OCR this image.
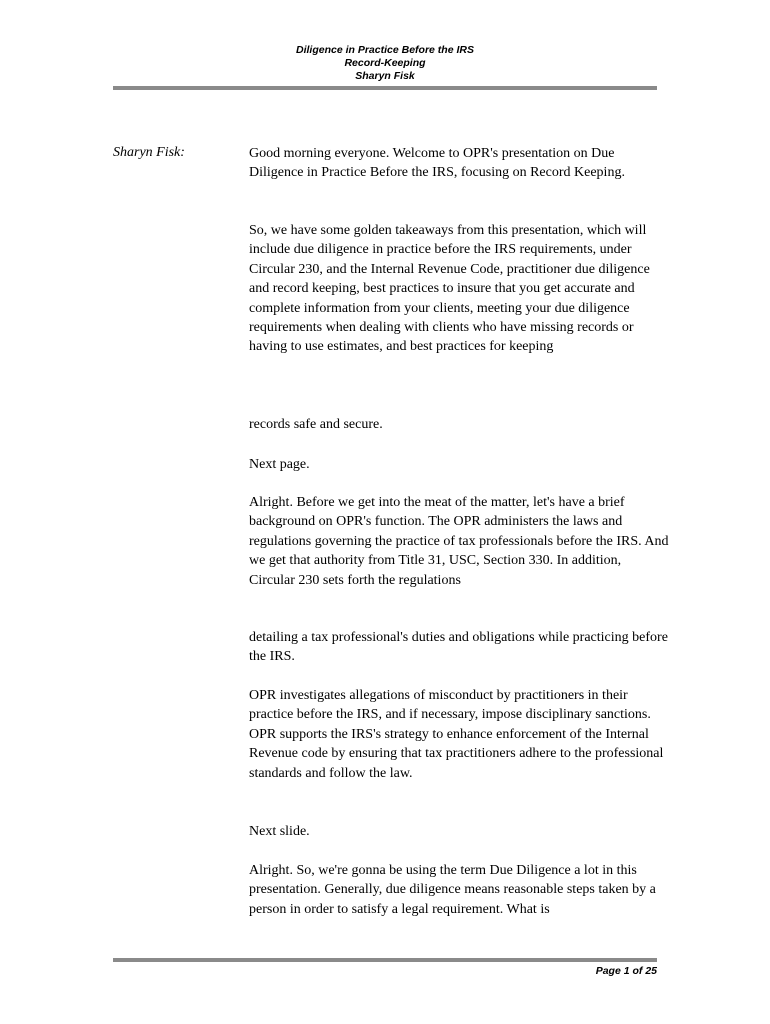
Diligence in Practice Before the IRS
Record-Keeping
Sharyn Fisk
Sharyn Fisk:	Good morning everyone. Welcome to OPR's presentation on Due Diligence in Practice Before the IRS, focusing on Record Keeping.

So, we have some golden takeaways from this presentation, which will include due diligence in practice before the IRS requirements, under Circular 230, and the Internal Revenue Code, practitioner due diligence and record keeping, best practices to insure that you get accurate and complete information from your clients, meeting your due diligence requirements when dealing with clients who have missing records or having to use estimates, and best practices for keeping

records safe and secure.

Next page.

Alright. Before we get into the meat of the matter, let's have a brief background on OPR's function. The OPR administers the laws and regulations governing the practice of tax professionals before the IRS. And we get that authority from Title 31, USC, Section 330. In addition, Circular 230 sets forth the regulations

detailing a tax professional's duties and obligations while practicing before the IRS.

OPR investigates allegations of misconduct by practitioners in their practice before the IRS, and if necessary, impose disciplinary sanctions. OPR supports the IRS's strategy to enhance enforcement of the Internal Revenue code by ensuring that tax practitioners adhere to the professional standards and follow the law.

Next slide.

Alright. So, we're gonna be using the term Due Diligence a lot in this presentation. Generally, due diligence means reasonable steps taken by a person in order to satisfy a legal requirement. What is

Page 1 of 25
